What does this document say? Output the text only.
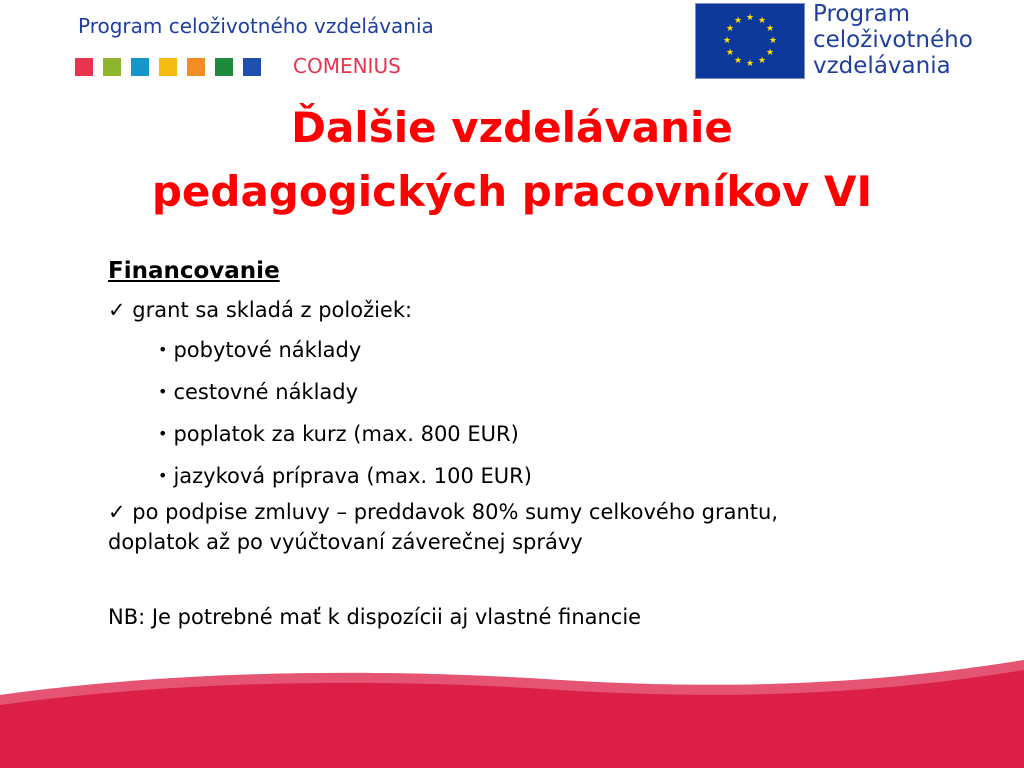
Program celoživotného vzdelávania
COMENIUS
★ ★
★
★
★
★
★
★
★
★
★
★	Program
celoživotného
vzdelávania
Ďalšie vzdelávanie
pedagogických pracovníkov VI
Financovanie
✓ grant sa skladá z položiek:
• pobytové náklady
• cestovné náklady
• poplatok za kurz (max. 800 EUR)
• jazyková príprava (max. 100 EUR)
✓ po podpise zmluvy – preddavok 80% sumy celkového grantu,
doplatok až po vyúčtovaní záverečnej správy
NB: Je potrebné mať k dispozícii aj vlastné financie
